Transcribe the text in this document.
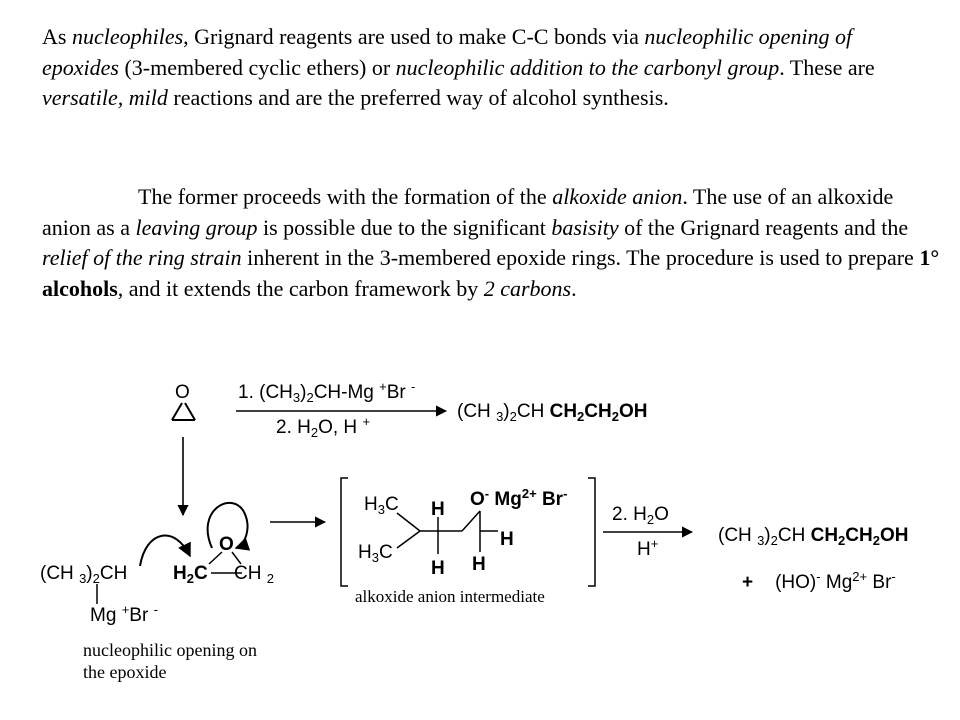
As nucleophiles, Grignard reagents are used to make C-C bonds via nucleophilic opening of epoxides (3-membered cyclic ethers) or nucleophilic addition to the carbonyl group. These are versatile, mild reactions and are the preferred way of alcohol synthesis.

The former proceeds with the formation of the alkoxide anion. The use of an alkoxide anion as a leaving group is possible due to the significant basisity of the Grignard reagents and the relief of the ring strain inherent in the 3-membered epoxide rings. The procedure is used to prepare 1° alcohols, and it extends the carbon framework by 2 carbons.

O	1. $(CH_3)_2CH-Mg$ +Br -
2. $H_2O$, H +	(CH $_3)_2CH$ $CH_2CH_2OH$
(CH $_3)_2CH$
Mg +Br -
O
$H_2C$ CH $_2$
nucleophilic opening on the epoxide
$H_3C$
$H_3C$
H
H
H
H
O- $Mg^{2+}$ Br-
alkoxide anion intermediate
2. $H_2O$
H+	(CH $_3)_2CH$ $CH_2CH_2OH$
+ (HO)- $Mg^{2+}$ Br-
